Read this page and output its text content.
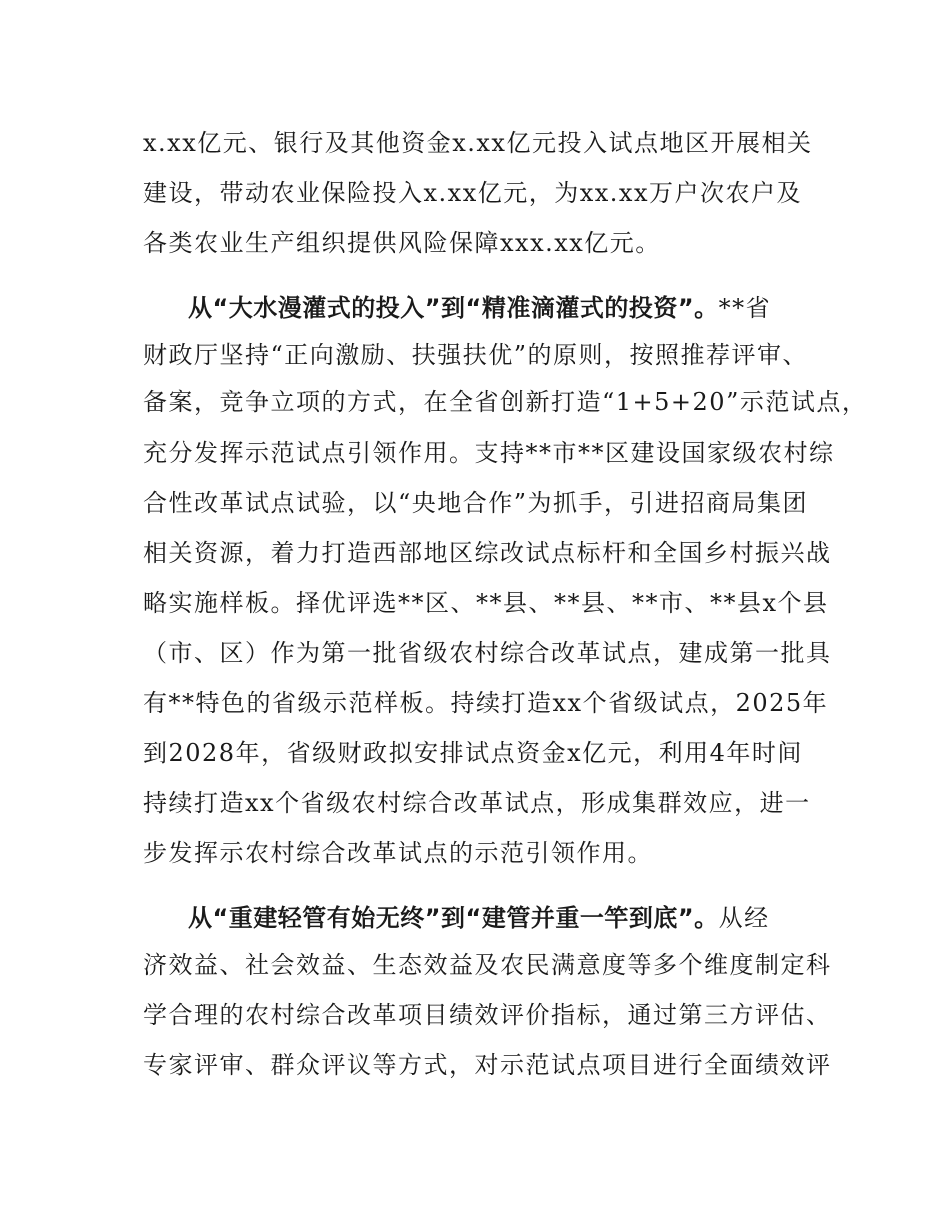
x.xx亿元、银行及其他资金x.xx亿元投入试点地区开展相关
建设，带动农业保险投入x.xx亿元，为xx.xx万户次农户及
各类农业生产组织提供风险保障xxx.xx亿元。
从“大水漫灌式的投入”到“精准滴灌式的投资”。**省
财政厅坚持“正向激励、扶强扶优”的原则，按照推荐评审、
备案，竞争立项的方式，在全省创新打造“1+5+20”示范试点，
充分发挥示范试点引领作用。支持**市**区建设国家级农村综
合性改革试点试验，以“央地合作”为抓手，引进招商局集团
相关资源，着力打造西部地区综改试点标杆和全国乡村振兴战
略实施样板。择优评选**区、**县、**县、**市、**县x个县
（市、区）作为第一批省级农村综合改革试点，建成第一批具
有**特色的省级示范样板。持续打造xx个省级试点，2025年
到2028年，省级财政拟安排试点资金x亿元，利用4年时间
持续打造xx个省级农村综合改革试点，形成集群效应，进一
步发挥示农村综合改革试点的示范引领作用。
从“重建轻管有始无终”到“建管并重一竿到底”。从经
济效益、社会效益、生态效益及农民满意度等多个维度制定科
学合理的农村综合改革项目绩效评价指标，通过第三方评估、
专家评审、群众评议等方式，对示范试点项目进行全面绩效评
